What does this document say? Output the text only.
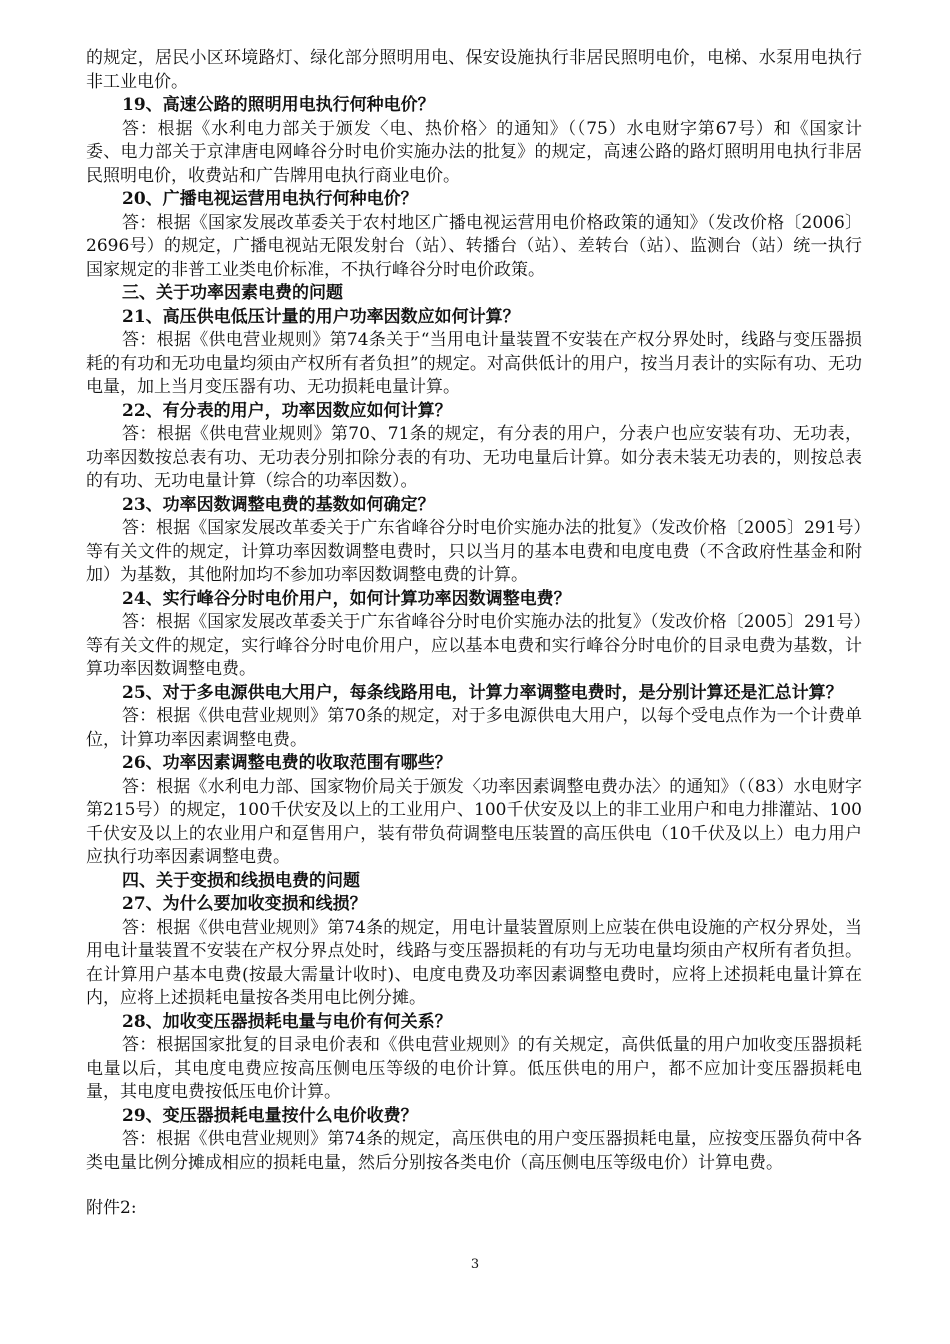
的规定，居民小区环境路灯、绿化部分照明用电、保安设施执行非居民照明电价，电梯、水泵用电执行非工业电价。

19、高速公路的照明用电执行何种电价？

答：根据《水利电力部关于颁发〈电、热价格〉的通知》（（75）水电财字第67号）和《国家计委、电力部关于京津唐电网峰谷分时电价实施办法的批复》的规定，高速公路的路灯照明用电执行非居民照明电价，收费站和广告牌用电执行商业电价。

20、广播电视运营用电执行何种电价？

答：根据《国家发展改革委关于农村地区广播电视运营用电价格政策的通知》（发改价格〔2006〕2696号）的规定，广播电视站无限发射台（站）、转播台（站）、差转台（站）、监测台（站）统一执行国家规定的非普工业类电价标准，不执行峰谷分时电价政策。

三、关于功率因素电费的问题

21、高压供电低压计量的用户功率因数应如何计算？

答：根据《供电营业规则》第74条关于“当用电计量装置不安装在产权分界处时，线路与变压器损耗的有功和无功电量均须由产权所有者负担”的规定。对高供低计的用户，按当月表计的实际有功、无功电量，加上当月变压器有功、无功损耗电量计算。

22、有分表的用户，功率因数应如何计算？

答：根据《供电营业规则》第70、71条的规定，有分表的用户，分表户也应安装有功、无功表，功率因数按总表有功、无功表分别扣除分表的有功、无功电量后计算。如分表未装无功表的，则按总表的有功、无功电量计算（综合的功率因数）。

23、功率因数调整电费的基数如何确定？

答：根据《国家发展改革委关于广东省峰谷分时电价实施办法的批复》（发改价格〔2005〕291号）等有关文件的规定，计算功率因数调整电费时，只以当月的基本电费和电度电费（不含政府性基金和附加）为基数，其他附加均不参加功率因数调整电费的计算。

24、实行峰谷分时电价用户，如何计算功率因数调整电费？

答：根据《国家发展改革委关于广东省峰谷分时电价实施办法的批复》（发改价格〔2005〕291号）等有关文件的规定，实行峰谷分时电价用户，应以基本电费和实行峰谷分时电价的目录电费为基数，计算功率因数调整电费。

25、对于多电源供电大用户，每条线路用电，计算力率调整电费时，是分别计算还是汇总计算？

答：根据《供电营业规则》第70条的规定，对于多电源供电大用户，以每个受电点作为一个计费单位，计算功率因素调整电费。

26、功率因素调整电费的收取范围有哪些？

答：根据《水利电力部、国家物价局关于颁发〈功率因素调整电费办法〉的通知》（（83）水电财字第215号）的规定，100千伏安及以上的工业用户、100千伏安及以上的非工业用户和电力排灌站、100千伏安及以上的农业用户和趸售用户，装有带负荷调整电压装置的高压供电（10千伏及以上）电力用户应执行功率因素调整电费。

四、关于变损和线损电费的问题

27、为什么要加收变损和线损？

答：根据《供电营业规则》第74条的规定，用电计量装置原则上应装在供电设施的产权分界处，当用电计量装置不安装在产权分界点处时，线路与变压器损耗的有功与无功电量均须由产权所有者负担。在计算用户基本电费(按最大需量计收时)、电度电费及功率因素调整电费时，应将上述损耗电量计算在内，应将上述损耗电量按各类用电比例分摊。

28、加收变压器损耗电量与电价有何关系？

答：根据国家批复的目录电价表和《供电营业规则》的有关规定，高供低量的用户加收变压器损耗电量以后，其电度电费应按高压侧电压等级的电价计算。低压供电的用户，都不应加计变压器损耗电量，其电度电费按低压电价计算。

29、变压器损耗电量按什么电价收费？

答：根据《供电营业规则》第74条的规定，高压供电的用户变压器损耗电量，应按变压器负荷中各类电量比例分摊成相应的损耗电量，然后分别按各类电价（高压侧电压等级电价）计算电费。

附件2:

3
